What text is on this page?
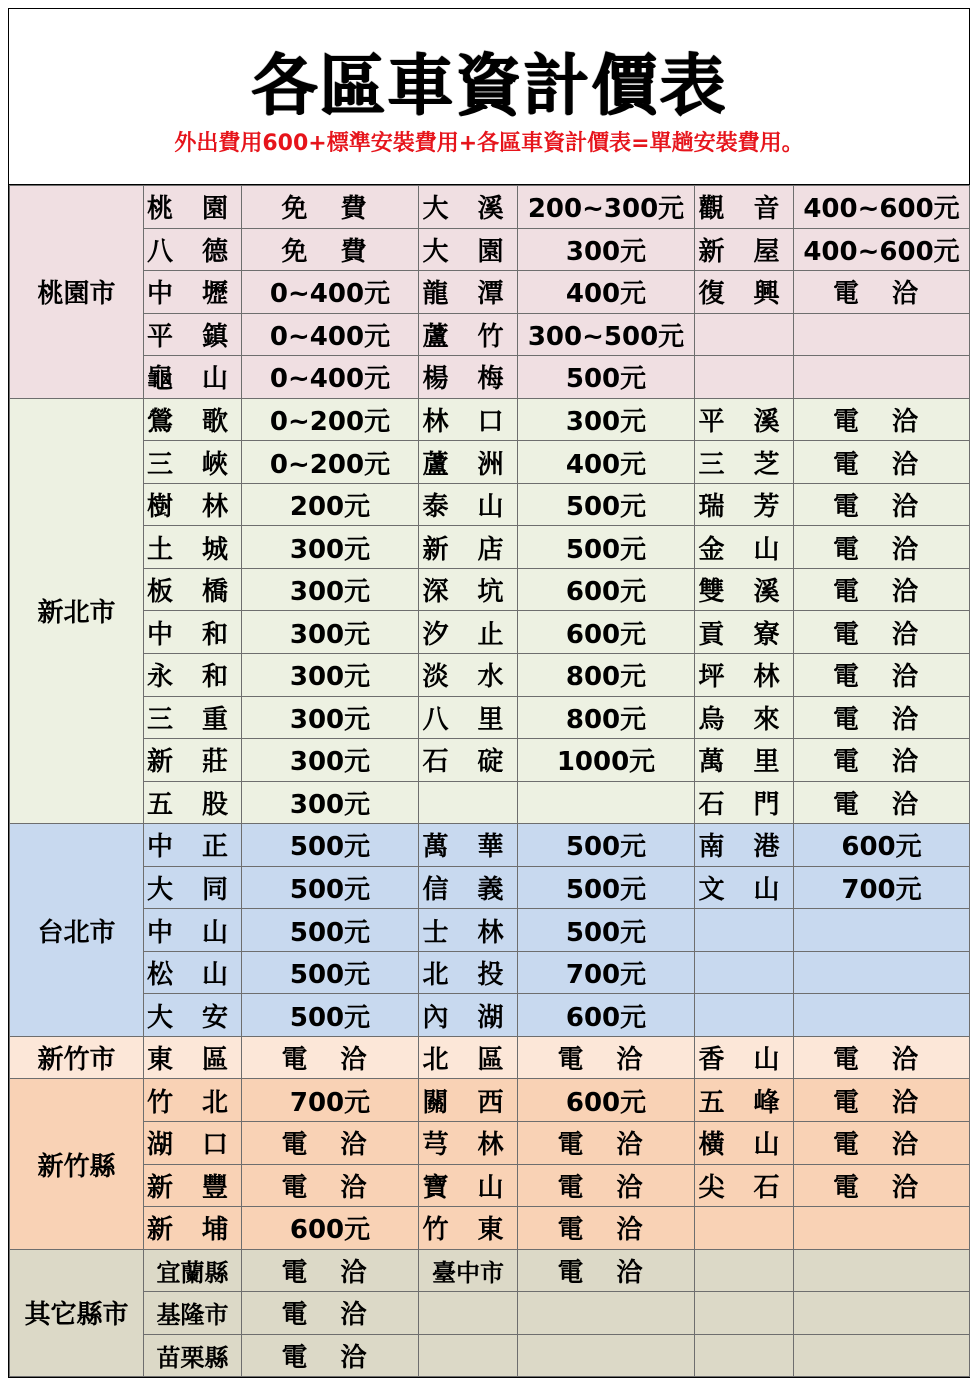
各區車資計價表
外出費用600+標準安裝費用+各區車資計價表=單趟安裝費用。
桃園市	桃 園	免 費	大 溪	200~300元	觀 音	400~600元
	八 德	免 費	大 園	300元	新 屋	400~600元
	中 壢	0~400元	龍 潭	400元	復 興	電 洽
	平 鎮	0~400元	蘆 竹	300~500元		
	龜 山	0~400元	楊 梅	500元		
新北市	鶯 歌	0~200元	林 口	300元	平 溪	電 洽
	三 峽	0~200元	蘆 洲	400元	三 芝	電 洽
	樹 林	200元	泰 山	500元	瑞 芳	電 洽
	土 城	300元	新 店	500元	金 山	電 洽
	板 橋	300元	深 坑	600元	雙 溪	電 洽
	中 和	300元	汐 止	600元	貢 寮	電 洽
	永 和	300元	淡 水	800元	坪 林	電 洽
	三 重	300元	八 里	800元	烏 來	電 洽
	新 莊	300元	石 碇	1000元	萬 里	電 洽
	五 股	300元			石 門	電 洽
台北市	中 正	500元	萬 華	500元	南 港	600元
	大 同	500元	信 義	500元	文 山	700元
	中 山	500元	士 林	500元		
	松 山	500元	北 投	700元		
	大 安	500元	內 湖	600元		
新竹市	東 區	電 洽	北 區	電 洽	香 山	電 洽
新竹縣	竹 北	700元	關 西	600元	五 峰	電 洽
	湖 口	電 洽	芎 林	電 洽	橫 山	電 洽
	新 豐	電 洽	寶 山	電 洽	尖 石	電 洽
	新 埔	600元	竹 東	電 洽		
其它縣市	宜蘭縣	電 洽	臺中市	電 洽		
	基隆市	電 洽				
	苗栗縣	電 洽				
